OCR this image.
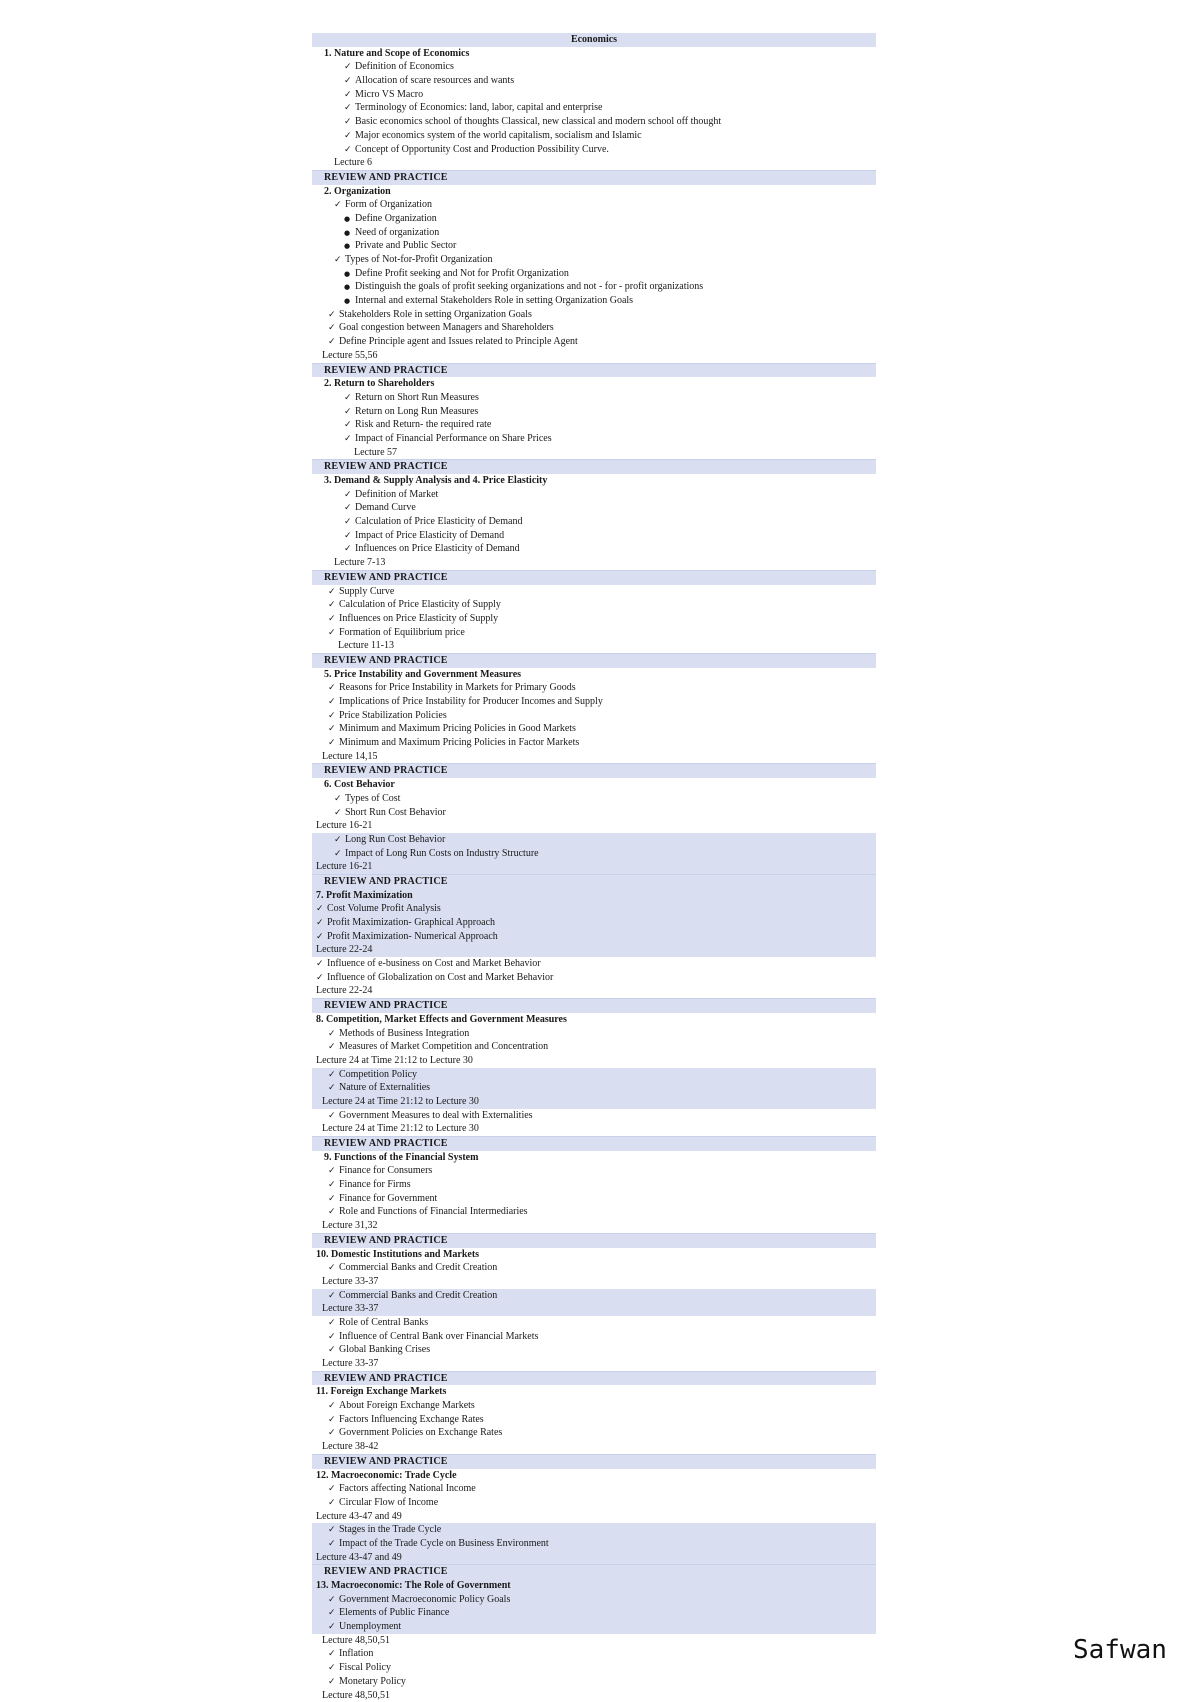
Economics
1. Nature and Scope of Economics
✓ Definition of Economics
✓ Allocation of scare resources and wants
✓ Micro VS Macro
✓ Terminology of Economics: land, labor, capital and enterprise
✓ Basic economics school of thoughts Classical, new classical and modern school off thought
✓ Major economics system of the world capitalism, socialism and Islamic
✓ Concept of Opportunity Cost and Production Possibility Curve.
Lecture 6
REVIEW AND PRACTICE
2. Organization
✓ Form of Organization
● Define Organization
● Need of organization
● Private and Public Sector
✓ Types of Not-for-Profit Organization
● Define Profit seeking and Not for Profit Organization
● Distinguish the goals of profit seeking organizations and not - for - profit organizations
● Internal and external Stakeholders Role in setting Organization Goals
✓ Stakeholders Role in setting Organization Goals
✓ Goal congestion between Managers and Shareholders
✓ Define Principle agent and Issues related to Principle Agent
Lecture 55,56
REVIEW AND PRACTICE
2. Return to Shareholders
✓ Return on Short Run Measures
✓ Return on Long Run Measures
✓ Risk and Return- the required rate
✓ Impact of Financial Performance on Share Prices
Lecture 57
REVIEW AND PRACTICE
3. Demand & Supply Analysis and 4. Price Elasticity
✓ Definition of Market
✓ Demand Curve
✓ Calculation of Price Elasticity of Demand
✓ Impact of Price Elasticity of Demand
✓ Influences on Price Elasticity of Demand
Lecture 7-13
REVIEW AND PRACTICE
✓ Supply Curve
✓ Calculation of Price Elasticity of Supply
✓ Influences on Price Elasticity of Supply
✓ Formation of Equilibrium price
Lecture 11-13
REVIEW AND PRACTICE
5. Price Instability and Government Measures
✓ Reasons for Price Instability in Markets for Primary Goods
✓ Implications of Price Instability for Producer Incomes and Supply
✓ Price Stabilization Policies
✓ Minimum and Maximum Pricing Policies in Good Markets
✓ Minimum and Maximum Pricing Policies in Factor Markets
Lecture 14,15
REVIEW AND PRACTICE
6. Cost Behavior
✓ Types of Cost
✓ Short Run Cost Behavior
Lecture 16-21
✓ Long Run Cost Behavior
✓ Impact of Long Run Costs on Industry Structure
Lecture 16-21
REVIEW AND PRACTICE
7. Profit Maximization
✓ Cost Volume Profit Analysis
✓ Profit Maximization- Graphical Approach
✓ Profit Maximization- Numerical Approach
Lecture 22-24
✓ Influence of e-business on Cost and Market Behavior
✓ Influence of Globalization on Cost and Market Behavior
Lecture 22-24
REVIEW AND PRACTICE
8. Competition, Market Effects and Government Measures
✓ Methods of Business Integration
✓ Measures of Market Competition and Concentration
Lecture 24 at Time 21:12 to Lecture 30
✓ Competition Policy
✓ Nature of Externalities
Lecture 24 at Time 21:12 to Lecture 30
✓ Government Measures to deal with Externalities
Lecture 24 at Time 21:12 to Lecture 30
REVIEW AND PRACTICE
9. Functions of the Financial System
✓ Finance for Consumers
✓ Finance for Firms
✓ Finance for Government
✓ Role and Functions of Financial Intermediaries
Lecture 31,32
REVIEW AND PRACTICE
10. Domestic Institutions and Markets
✓ Commercial Banks and Credit Creation
Lecture 33-37
✓ Commercial Banks and Credit Creation
Lecture 33-37
✓ Role of Central Banks
✓ Influence of Central Bank over Financial Markets
✓ Global Banking Crises
Lecture 33-37
REVIEW AND PRACTICE
11. Foreign Exchange Markets
✓ About Foreign Exchange Markets
✓ Factors Influencing Exchange Rates
✓ Government Policies on Exchange Rates
Lecture 38-42
REVIEW AND PRACTICE
12. Macroeconomic: Trade Cycle
✓ Factors affecting National Income
✓ Circular Flow of Income
Lecture 43-47 and 49
✓ Stages in the Trade Cycle
✓ Impact of the Trade Cycle on Business Environment
Lecture 43-47 and 49
REVIEW AND PRACTICE
13. Macroeconomic: The Role of Government
✓ Government Macroeconomic Policy Goals
✓ Elements of Public Finance
✓ Unemployment
Lecture 48,50,51
✓ Inflation
✓ Fiscal Policy
✓ Monetary Policy
Lecture 48,50,51
Safwan
